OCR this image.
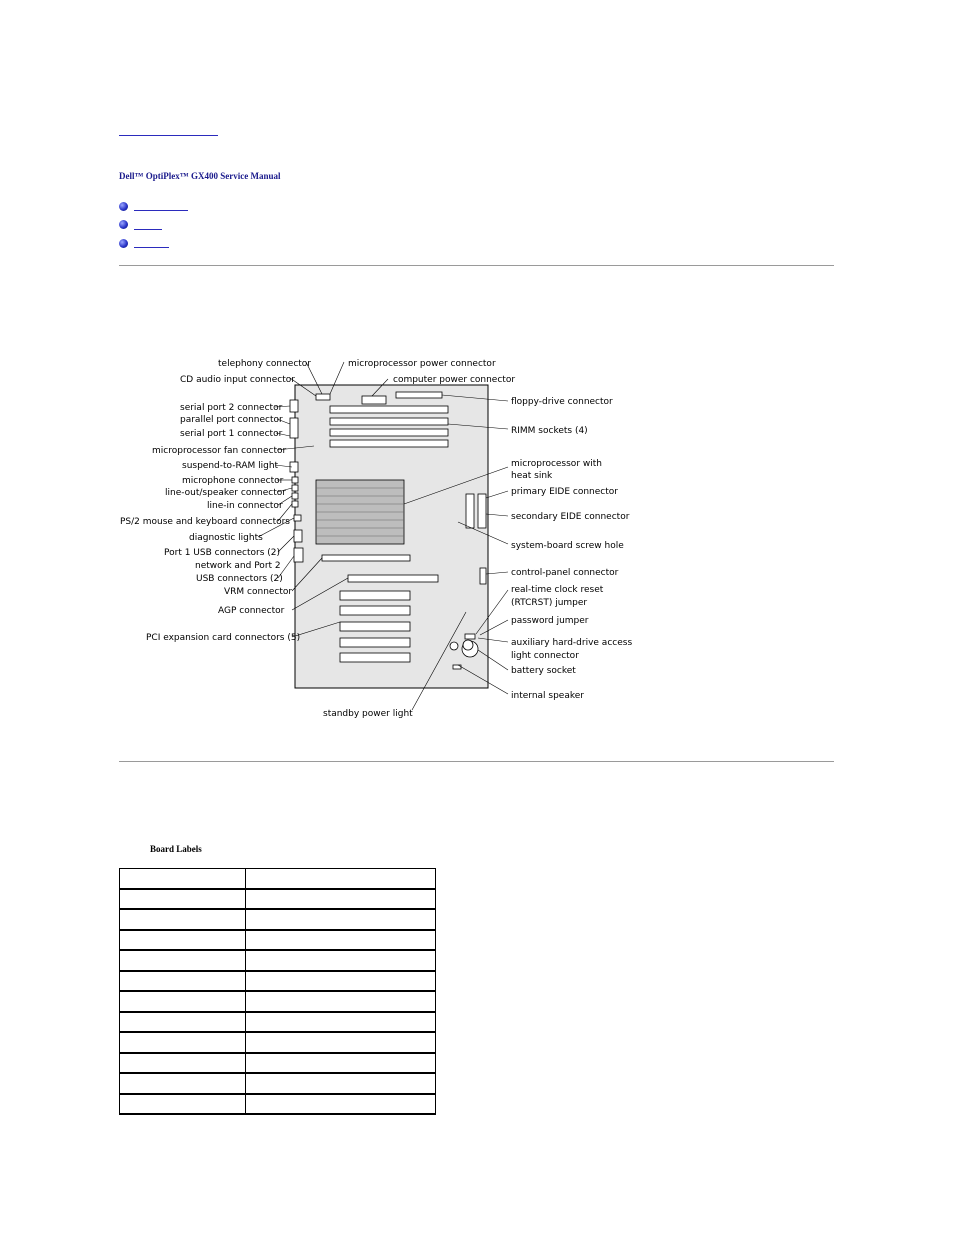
Dell™ OptiPlex™ GX400 Service Manual
telephony connector
CD audio input connector
serial port 2 connector
parallel port connector
serial port 1 connector
microprocessor fan connector
suspend-to-RAM light
microphone connector
line-out/speaker connector
line-in connector
PS/2 mouse and keyboard connectors
diagnostic lights
Port 1 USB connectors (2)
network and Port 2
USB connectors (2)
VRM connector
AGP connector
PCI expansion card connectors (5)
microprocessor power connector
computer power connector
floppy-drive connector
RIMM sockets (4)
microprocessor with
heat sink
primary EIDE connector
secondary EIDE connector
system-board screw hole
control-panel connector
real-time clock reset
(RTCRST) jumper
password jumper
auxiliary hard-drive access
light connector
battery socket
internal speaker
standby power light
Board Labels
